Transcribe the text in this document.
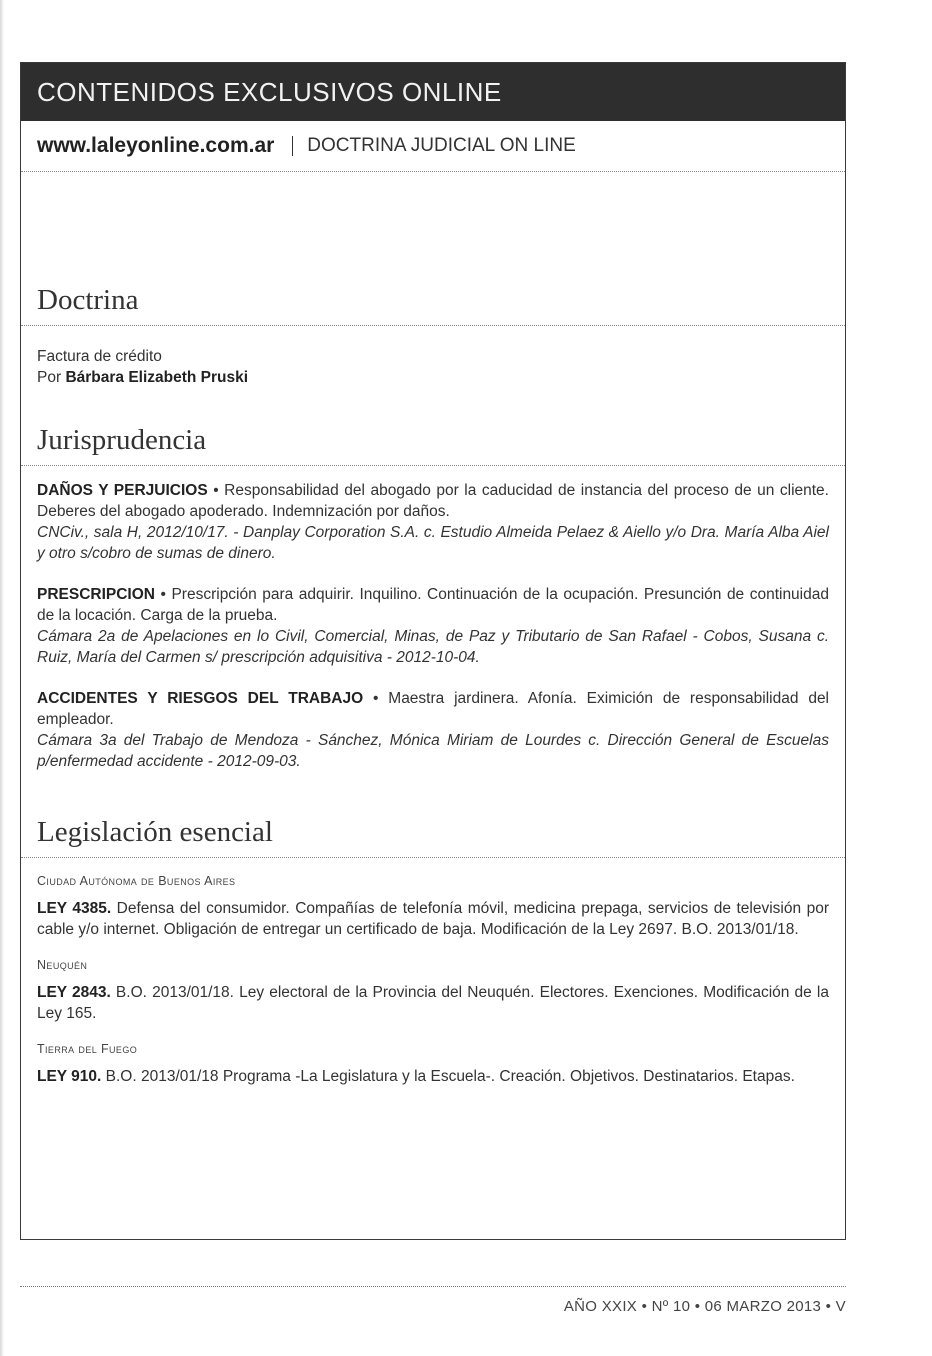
CONTENIDOS EXCLUSIVOS ONLINE
www.laleyonline.com.ar DOCTRINA JUDICIAL ON LINE
Doctrina
Factura de crédito
Por Bárbara Elizabeth Pruski
Jurisprudencia
DAÑOS Y PERJUICIOS • Responsabilidad del abogado por la caducidad de instancia del proceso de un cliente. Deberes del abogado apoderado. Indemnización por daños.
CNCiv., sala H, 2012/10/17. - Danplay Corporation S.A. c. Estudio Almeida Pelaez & Aiello y/o Dra. María Alba Aiel y otro s/cobro de sumas de dinero.
PRESCRIPCION • Prescripción para adquirir. Inquilino. Continuación de la ocupación. Presunción de continuidad de la locación. Carga de la prueba.
Cámara 2a de Apelaciones en lo Civil, Comercial, Minas, de Paz y Tributario de San Rafael - Cobos, Susana c. Ruiz, María del Carmen s/ prescripción adquisitiva - 2012-10-04.
ACCIDENTES Y RIESGOS DEL TRABAJO • Maestra jardinera. Afonía. Eximición de responsabilidad del empleador.
Cámara 3a del Trabajo de Mendoza - Sánchez, Mónica Miriam de Lourdes c. Dirección General de Escuelas p/enfermedad accidente - 2012-09-03.
Legislación esencial
Ciudad Autónoma de Buenos Aires
LEY 4385. Defensa del consumidor. Compañías de telefonía móvil, medicina prepaga, servicios de televisión por cable y/o internet. Obligación de entregar un certificado de baja. Modificación de la Ley 2697. B.O. 2013/01/18.
Neuquén
LEY 2843. B.O. 2013/01/18. Ley electoral de la Provincia del Neuquén. Electores. Exenciones. Modificación de la Ley 165.
Tierra del Fuego
LEY 910. B.O. 2013/01/18 Programa -La Legislatura y la Escuela-. Creación. Objetivos. Destinatarios. Etapas.
AÑO XXIX • Nº 10 • 06 MARZO 2013 • V
